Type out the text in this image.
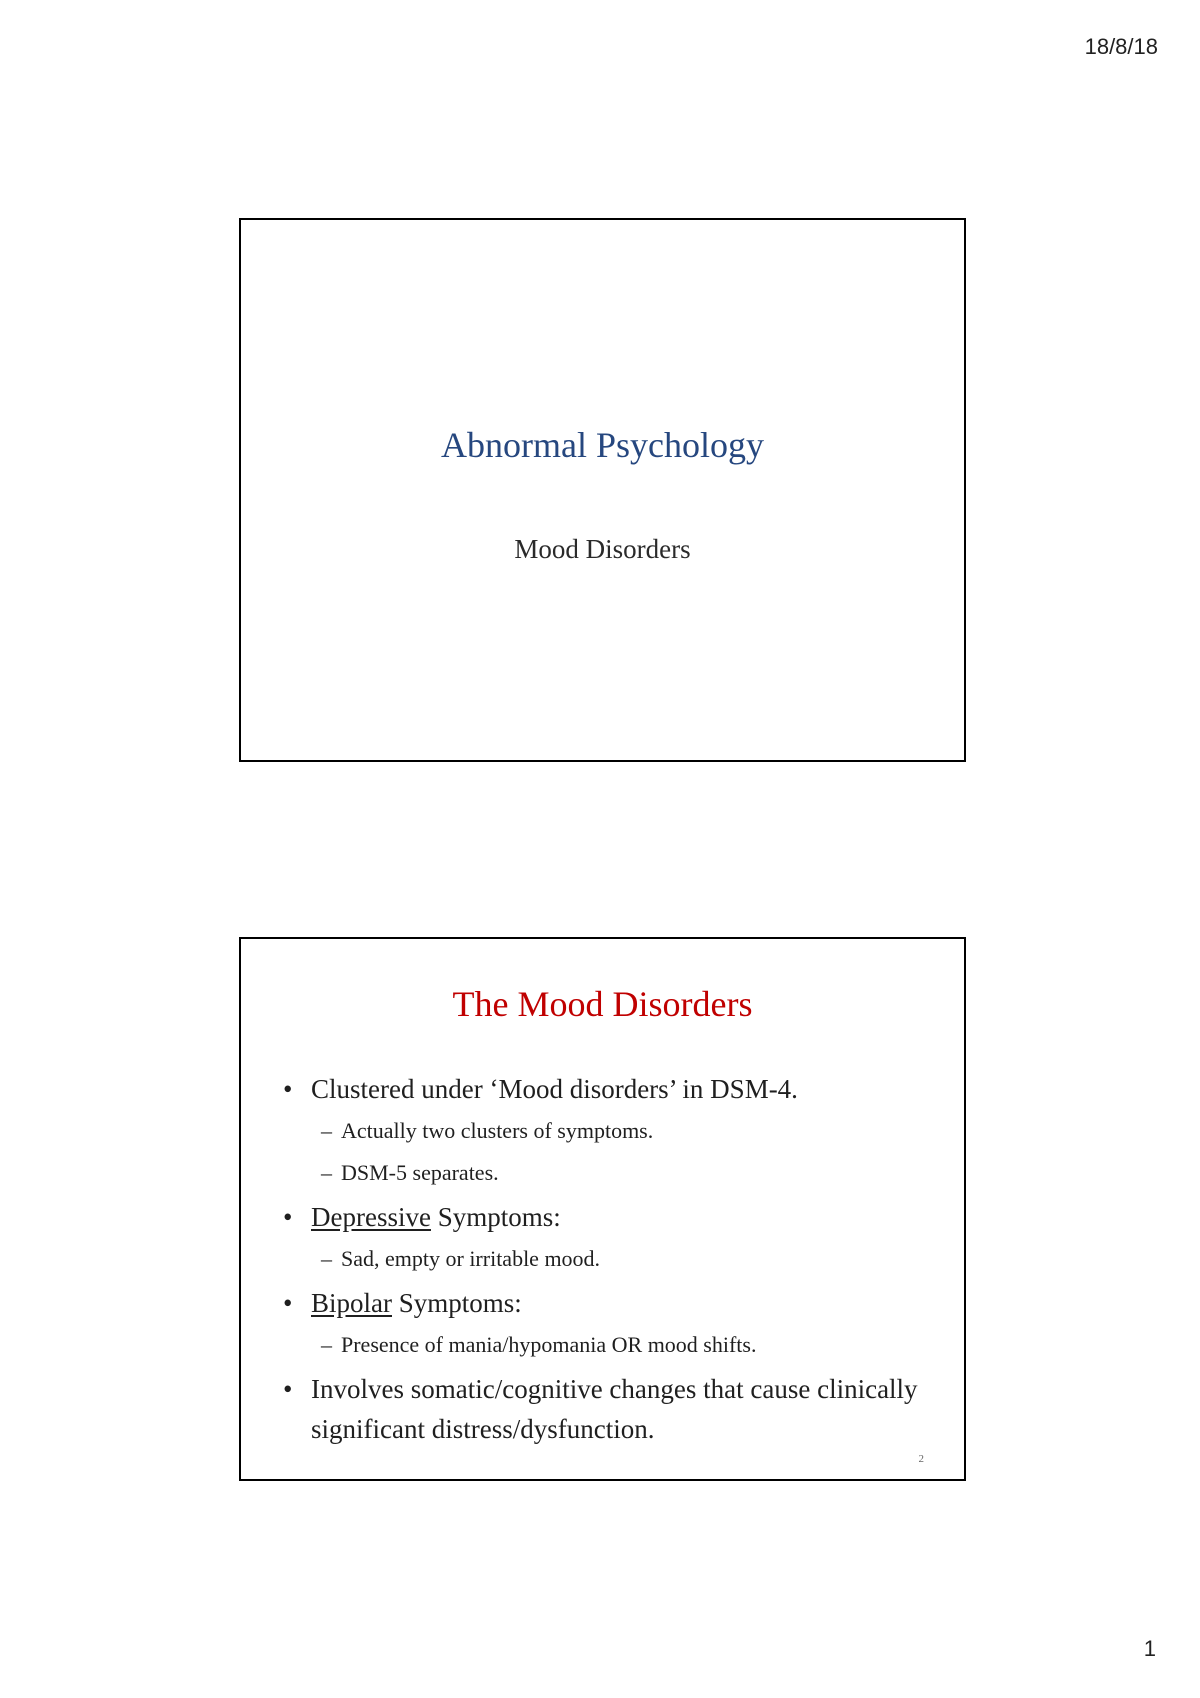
18/8/18
Abnormal Psychology
Mood Disorders
The Mood Disorders
• Clustered under ‘Mood disorders’ in DSM-4.
– Actually two clusters of symptoms.
– DSM-5 separates.
• Depressive Symptoms:
– Sad, empty or irritable mood.
• Bipolar Symptoms:
– Presence of mania/hypomania OR mood shifts.
• Involves somatic/cognitive changes that cause clinically significant distress/dysfunction.
2
1
